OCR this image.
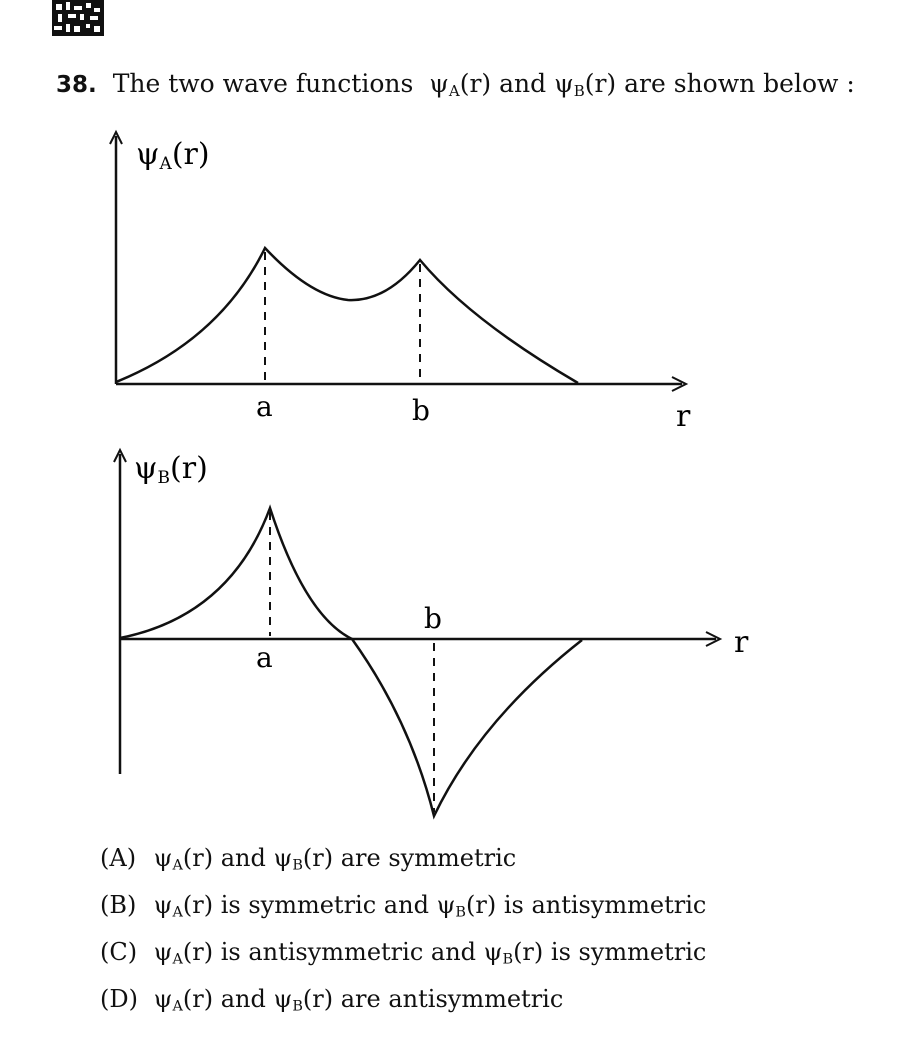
38. The two wave functions $\psi_A(r)$ and $\psi_B(r)$ are shown below :
ψA(r)
a	b	r
ψB(r)
a
b
r
(A) $\psi_A(r)$ and $\psi_B(r)$ are symmetric
(B) $\psi_A(r)$ is symmetric and $\psi_B(r)$ is antisymmetric
(C) $\psi_A(r)$ is antisymmetric and $\psi_B(r)$ is symmetric
(D) $\psi_A(r)$ and $\psi_B(r)$ are antisymmetric
